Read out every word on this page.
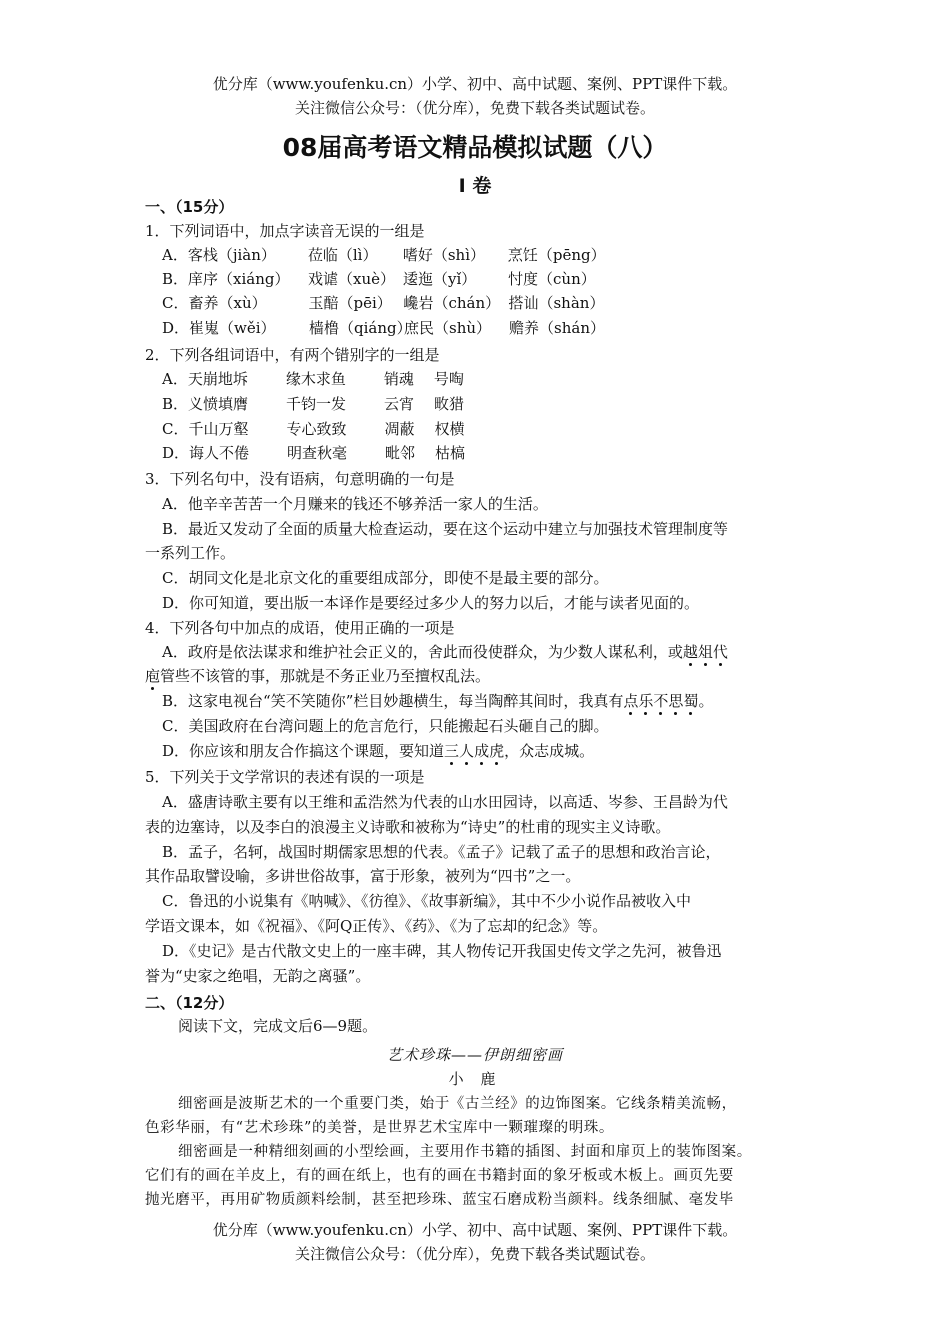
优分库（www.youfenku.cn）小学、初中、高中试题、案例、PPT课件下载。
关注微信公众号：（优分库），免费下载各类试题试卷。
08届高考语文精品模拟试题（八）
Ⅰ 卷
一、（15分）
1．下列词语中，加点字读音无误的一组是
A．客栈（jiàn） 莅临（lì） 嗜好（shì） 烹饪（pēng）
B．庠序（xiáng） 戏谑（xuè） 逶迤（yǐ） 忖度（cùn）
C．畜养（xù）	玉醅（pēi） 巉岩（chán） 搭讪（shàn）
D．崔嵬（wěi） 樯橹（qiáng）庶民（shù） 赡养（shán）
2．下列各组词语中，有两个错别字的一组是
A．天崩地坼	缘木求鱼	销魂 号啕
B．义愤填膺	千钧一发	云宵 畋猎
C．千山万壑	专心致致	凋蔽 权横
D．诲人不倦	明查秋毫	毗邻 枯槁
3．下列名句中，没有语病，句意明确的一句是
A．他辛辛苦苦一个月赚来的钱还不够养活一家人的生活。
B．最近又发动了全面的质量大检查运动，要在这个运动中建立与加强技术管理制度等
一系列工作。
C．胡同文化是北京文化的重要组成部分，即使不是最主要的部分。
D．你可知道，要出版一本译作是要经过多少人的努力以后，才能与读者见面的。
4．下列各句中加点的成语，使用正确的一项是
A．政府是依法谋求和维护社会正义的，舍此而役使群众，为少数人谋私利，或越俎代
庖管些不该管的事，那就是不务正业乃至擅权乱法。
B．这家电视台“笑不笑随你”栏目妙趣横生，每当陶醉其间时，我真有点乐不思蜀。
C．美国政府在台湾问题上的危言危行，只能搬起石头砸自己的脚。
D．你应该和朋友合作搞这个课题，要知道三人成虎，众志成城。
5．下列关于文学常识的表述有误的一项是
A．盛唐诗歌主要有以王维和孟浩然为代表的山水田园诗，以高适、岑参、王昌龄为代
表的边塞诗，以及李白的浪漫主义诗歌和被称为“诗史”的杜甫的现实主义诗歌。
B．孟子，名轲，战国时期儒家思想的代表。《孟子》记载了孟子的思想和政治言论，
其作品取譬设喻，多讲世俗故事，富于形象，被列为“四书”之一。
C．鲁迅的小说集有《呐喊》、《彷徨》、《故事新编》，其中不少小说作品被收入中
学语文课本，如《祝福》、《阿Q正传》、《药》、《为了忘却的纪念》等。
D．《史记》是古代散文史上的一座丰碑，其人物传记开我国史传文学之先河，被鲁迅
誉为“史家之绝唱，无韵之离骚”。
二、（12分）
阅读下文，完成文后6—9题。
艺术珍珠——伊朗细密画
小 鹿
细密画是波斯艺术的一个重要门类，始于《古兰经》的边饰图案。它线条精美流畅，
色彩华丽，有“艺术珍珠”的美誉，是世界艺术宝库中一颗璀璨的明珠。
细密画是一种精细刻画的小型绘画，主要用作书籍的插图、封面和扉页上的装饰图案。
它们有的画在羊皮上，有的画在纸上，也有的画在书籍封面的象牙板或木板上。画页先要
抛光磨平，再用矿物质颜料绘制，甚至把珍珠、蓝宝石磨成粉当颜料。线条细腻、毫发毕
优分库（www.youfenku.cn）小学、初中、高中试题、案例、PPT课件下载。
关注微信公众号：（优分库），免费下载各类试题试卷。
